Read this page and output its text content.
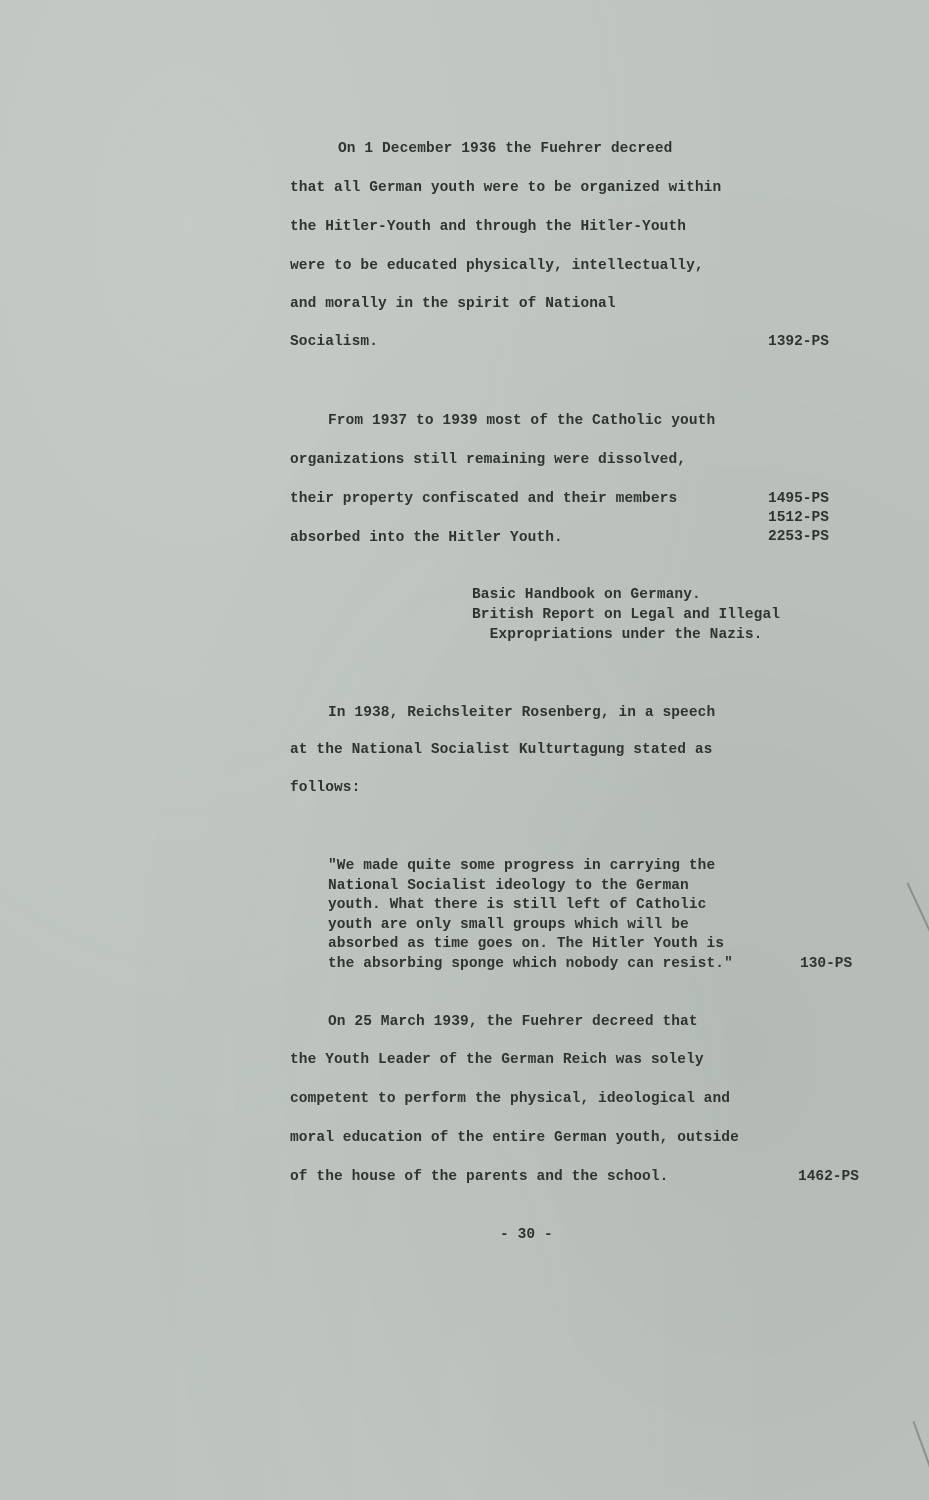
On 1 December 1936 the Fuehrer decreed
that all German youth were to be organized within
the Hitler-Youth and through the Hitler-Youth
were to be educated physically, intellectually,
and morally in the spirit of National
Socialism.	1392-PS
From 1937 to 1939 most of the Catholic youth
organizations still remaining were dissolved,
their property confiscated and their members
absorbed into the Hitler Youth.
1495-PS
1512-PS
2253-PS
Basic Handbook on Germany.
British Report on Legal and Illegal
Expropriations under the Nazis.
In 1938, Reichsleiter Rosenberg, in a speech
at the National Socialist Kulturtagung stated as
follows:
"We made quite some progress in carrying the
National Socialist ideology to the German
youth. What there is still left of Catholic
youth are only small groups which will be
absorbed as time goes on. The Hitler Youth is
the absorbing sponge which nobody can resist."	130-PS
On 25 March 1939, the Fuehrer decreed that
the Youth Leader of the German Reich was solely
competent to perform the physical, ideological and
moral education of the entire German youth, outside
of the house of the parents and the school.	1462-PS
- 30 -
